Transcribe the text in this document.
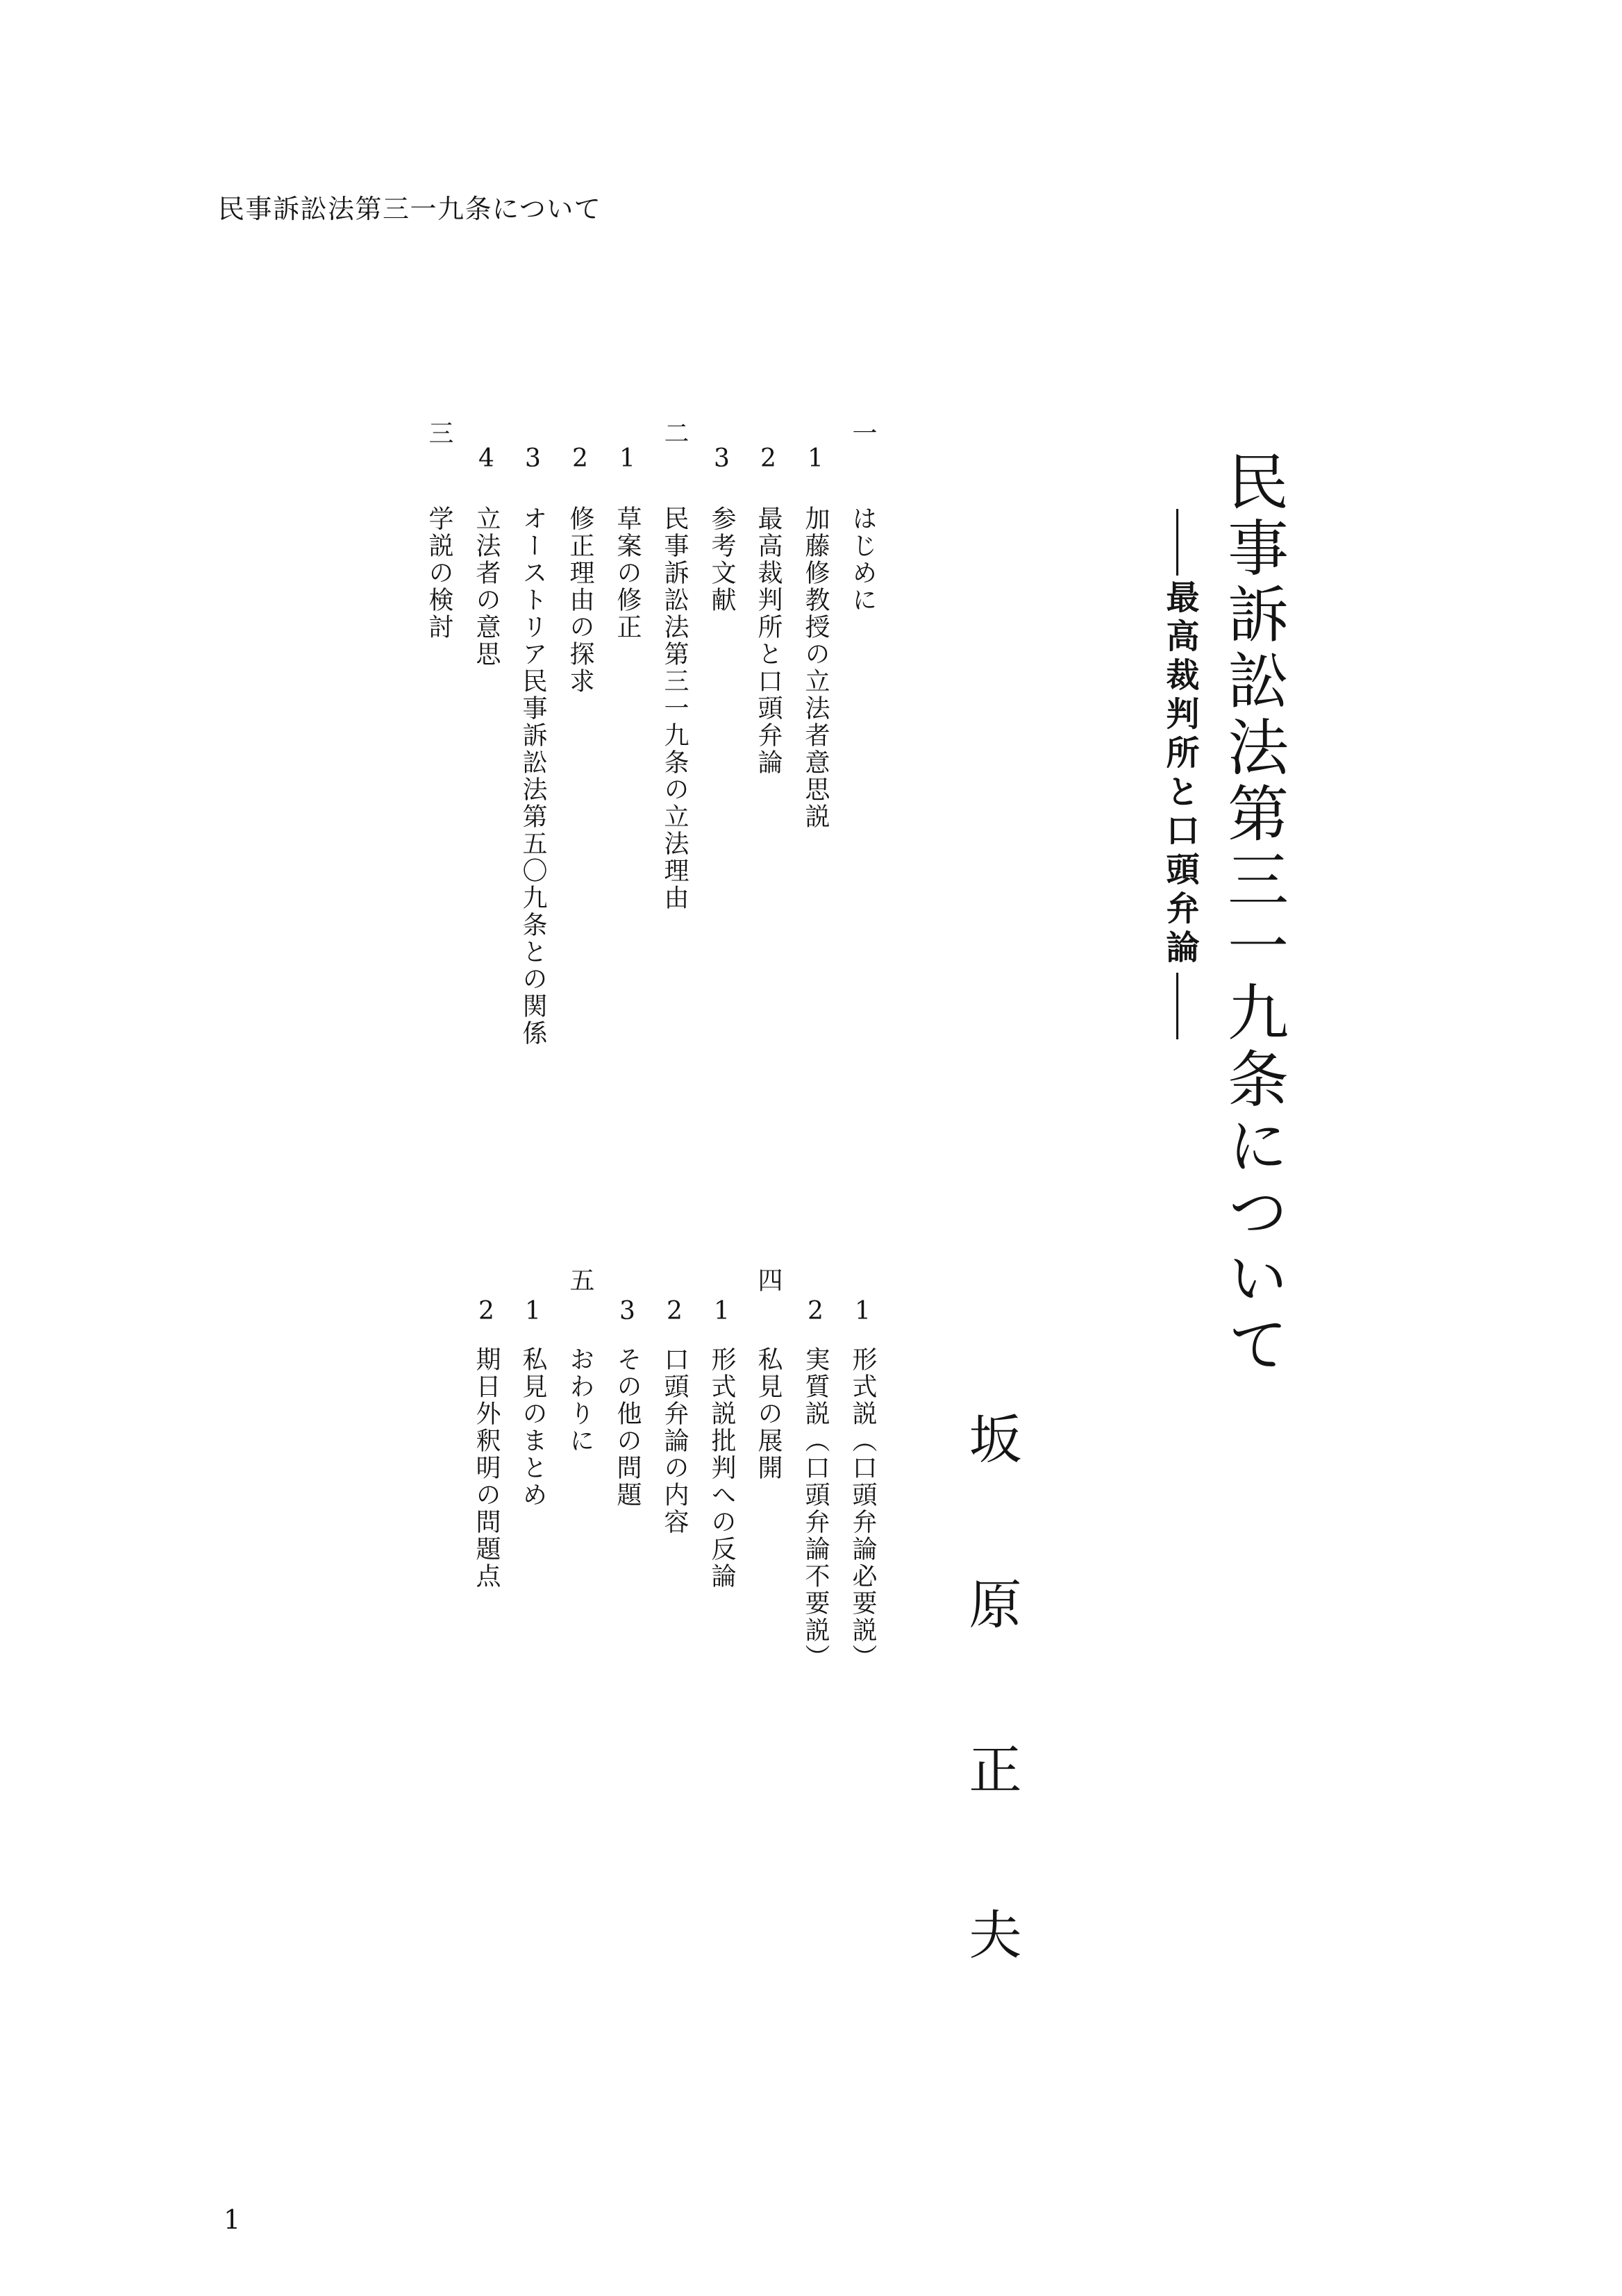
民事訴訟法第三一九条について
民事訴訟法第三一九条について
――最高裁判所と口頭弁論――
坂原正夫
一
はじめに
1
加藤修教授の立法者意思説
2
最高裁判所と口頭弁論
3
参考文献
二
民事訴訟法第三一九条の立法理由
1
草案の修正
2
修正理由の探求
3
オーストリア民事訴訟法第五〇九条との関係
4
立法者の意思
三
学説の検討
1
形式説（口頭弁論必要説）
2
実質説（口頭弁論不要説）
四
私見の展開
1
形式説批判への反論
2
口頭弁論の内容
3
その他の問題
五
おわりに
1
私見のまとめ
2
期日外釈明の問題点
1
